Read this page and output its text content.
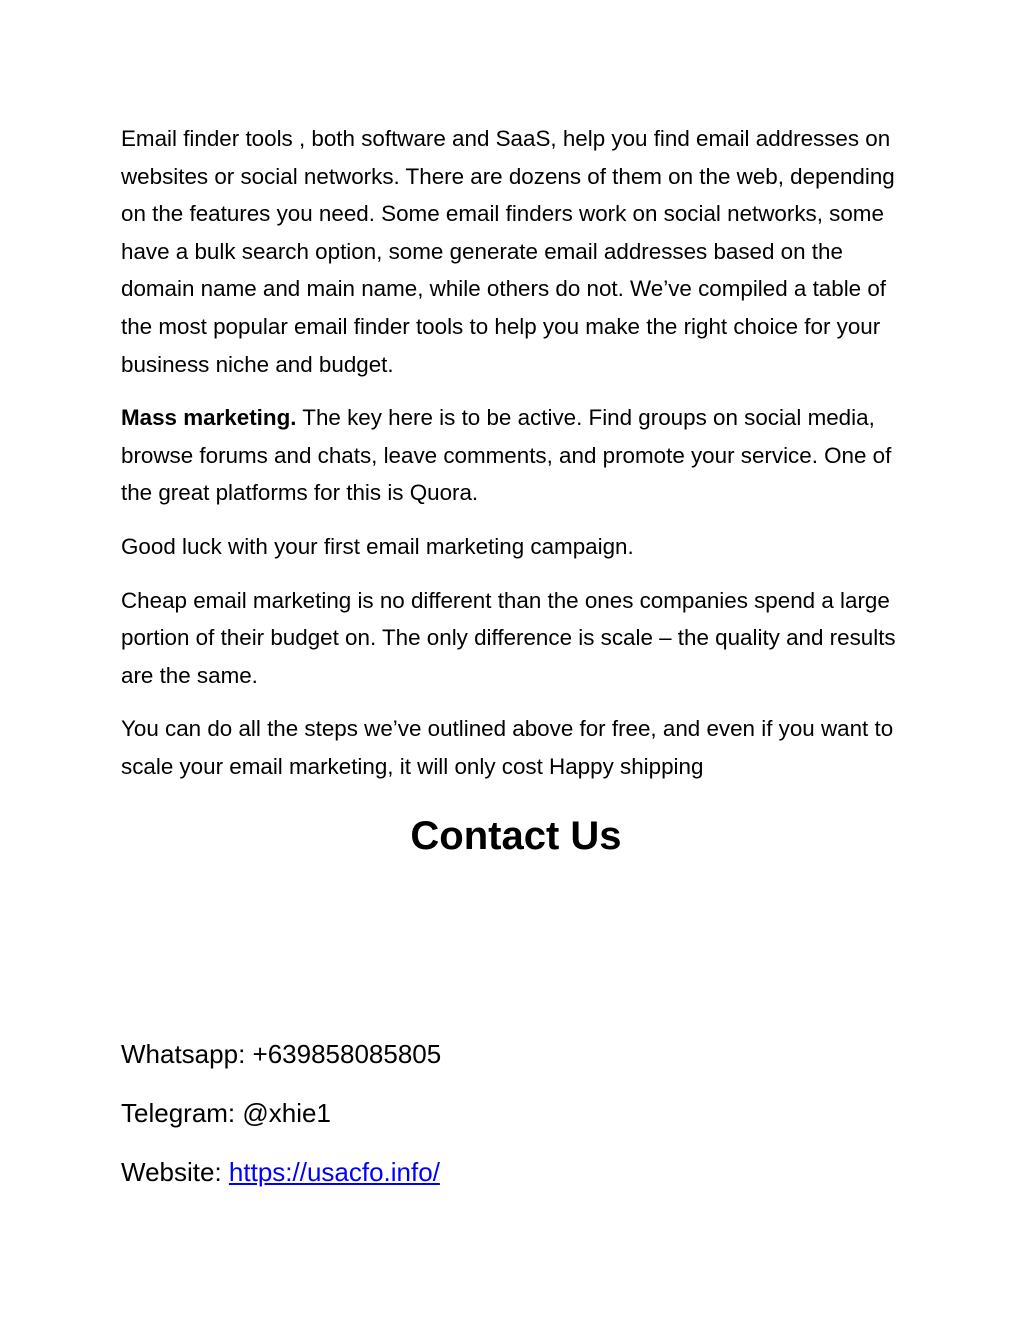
Email finder tools , both software and SaaS, help you find email addresses on websites or social networks. There are dozens of them on the web, depending on the features you need. Some email finders work on social networks, some have a bulk search option, some generate email addresses based on the domain name and main name, while others do not. We’ve compiled a table of the most popular email finder tools to help you make the right choice for your business niche and budget.

Mass marketing. The key here is to be active. Find groups on social media, browse forums and chats, leave comments, and promote your service. One of the great platforms for this is Quora.

Good luck with your first email marketing campaign.

Cheap email marketing is no different than the ones companies spend a large portion of their budget on. The only difference is scale – the quality and results are the same.

You can do all the steps we’ve outlined above for free, and even if you want to scale your email marketing, it will only cost Happy shipping

Contact Us
Whatsapp: +639858085805
Telegram: @xhie1
Website: https://usacfo.info/
